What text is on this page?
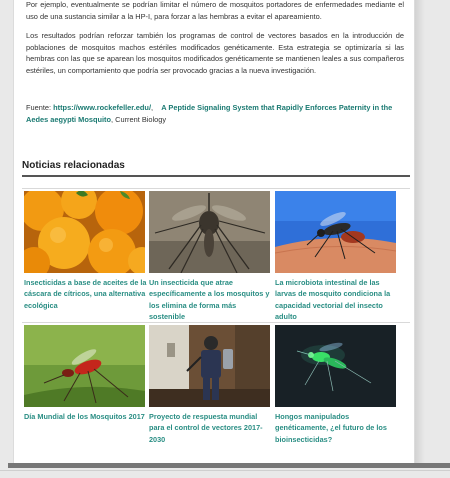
Por ejemplo, eventualmente se podrían limitar el número de mosquitos portadores de enfermedades mediante el uso de una sustancia similar a la HP-I, para forzar a las hembras a evitar el apareamiento.

Los resultados podrían reforzar también los programas de control de vectores basados en la introducción de poblaciones de mosquitos machos estériles modificados genéticamente. Esta estrategia se optimizaría si las hembras con las que se aparean los mosquitos modificados genéticamente se mantienen leales a sus compañeros estériles, un comportamiento que podría ser provocado gracias a la nueva investigación.

Fuente: https://www.rockefeller.edu/, A Peptide Signaling System that Rapidly Enforces Paternity in the Aedes aegypti Mosquito, Current Biology

Noticias relacionadas

Insecticidas a base de aceites de la cáscara de cítricos, una alternativa ecológica

Un insecticida que atrae específicamente a los mosquitos y los elimina de forma más sostenible

La microbiota intestinal de las larvas de mosquito condiciona la capacidad vectorial del insecto adulto

Día Mundial de los Mosquitos 2017 Proyecto de respuesta mundial para el control de vectores 2017-2030

Hongos manipulados genéticamente, ¿el futuro de los bioinsecticidas?
